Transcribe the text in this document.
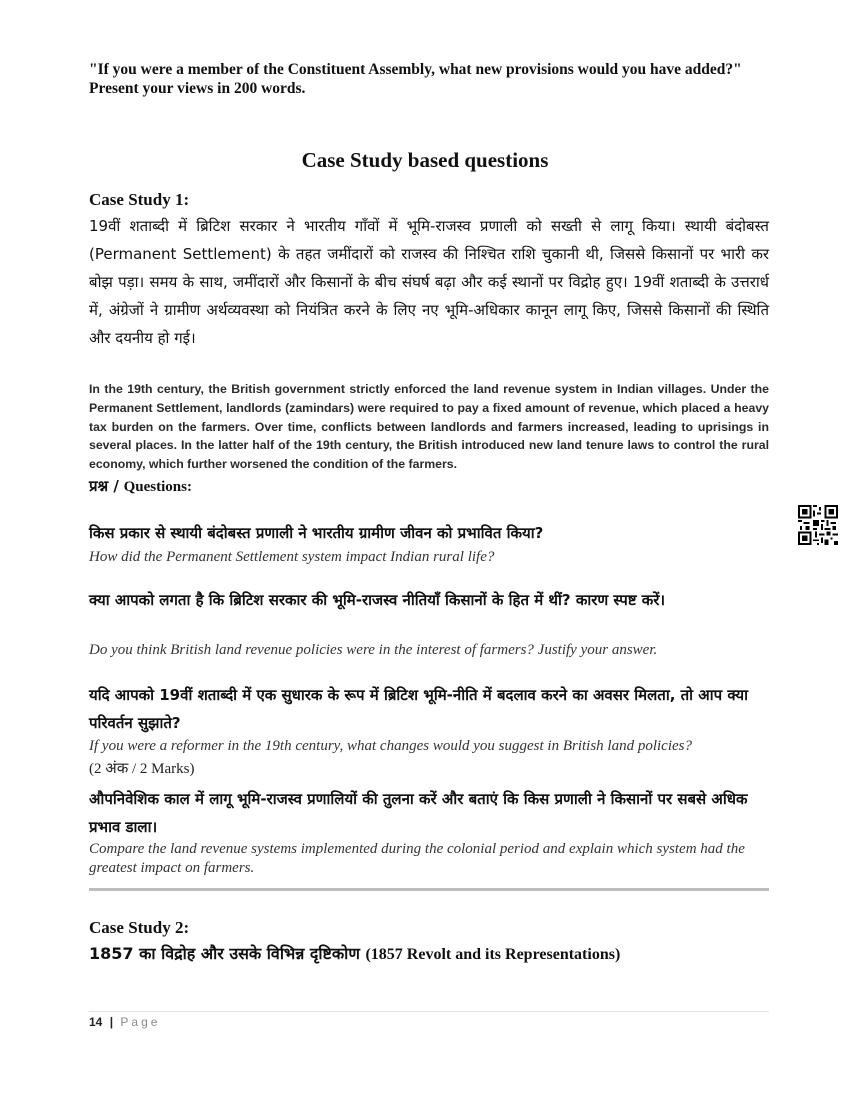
"If you were a member of the Constituent Assembly, what new provisions would you have added?" Present your views in 200 words.
Case Study based questions
Case Study 1:
19वीं शताब्दी में ब्रिटिश सरकार ने भारतीय गाँवों में भूमि-राजस्व प्रणाली को सख्ती से लागू किया। स्थायी बंदोबस्त (Permanent Settlement) के तहत जमींदारों को राजस्व की निश्चित राशि चुकानी थी, जिससे किसानों पर भारी कर बोझ पड़ा। समय के साथ, जमींदारों और किसानों के बीच संघर्ष बढ़ा और कई स्थानों पर विद्रोह हुए। 19वीं शताब्दी के उत्तरार्ध में, अंग्रेजों ने ग्रामीण अर्थव्यवस्था को नियंत्रित करने के लिए नए भूमि-अधिकार कानून लागू किए, जिससे किसानों की स्थिति और दयनीय हो गई।
In the 19th century, the British government strictly enforced the land revenue system in Indian villages. Under the Permanent Settlement, landlords (zamindars) were required to pay a fixed amount of revenue, which placed a heavy tax burden on the farmers. Over time, conflicts between landlords and farmers increased, leading to uprisings in several places. In the latter half of the 19th century, the British introduced new land tenure laws to control the rural economy, which further worsened the condition of the farmers.
प्रश्न / Questions:
किस प्रकार से स्थायी बंदोबस्त प्रणाली ने भारतीय ग्रामीण जीवन को प्रभावित किया?
How did the Permanent Settlement system impact Indian rural life?
क्या आपको लगता है कि ब्रिटिश सरकार की भूमि-राजस्व नीतियाँ किसानों के हित में थीं? कारण स्पष्ट करें।
Do you think British land revenue policies were in the interest of farmers? Justify your answer.
यदि आपको 19वीं शताब्दी में एक सुधारक के रूप में ब्रिटिश भूमि-नीति में बदलाव करने का अवसर मिलता, तो आप क्या परिवर्तन सुझाते?
If you were a reformer in the 19th century, what changes would you suggest in British land policies?
(2 अंक / 2 Marks)
औपनिवेशिक काल में लागू भूमि-राजस्व प्रणालियों की तुलना करें और बताएं कि किस प्रणाली ने किसानों पर सबसे अधिक प्रभाव डाला।
Compare the land revenue systems implemented during the colonial period and explain which system had the greatest impact on farmers.
Case Study 2:
1857 का विद्रोह और उसके विभिन्न दृष्टिकोण (1857 Revolt and its Representations)
14 | Page
